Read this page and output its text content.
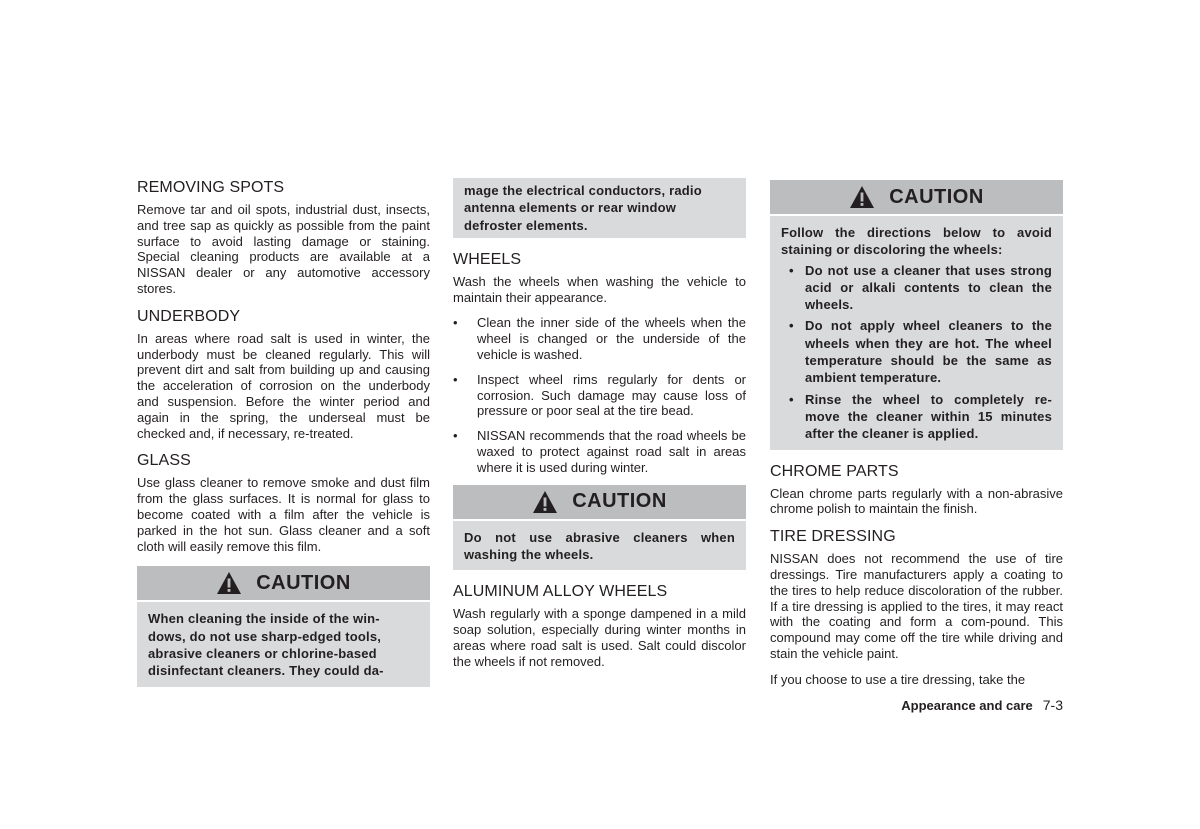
REMOVING SPOTS

Remove tar and oil spots, industrial dust, insects, and tree sap as quickly as possible from the paint surface to avoid lasting damage or staining. Special cleaning products are available at a NISSAN dealer or any automotive accessory stores.

UNDERBODY

In areas where road salt is used in winter, the underbody must be cleaned regularly. This will prevent dirt and salt from building up and causing the acceleration of corrosion on the underbody and suspension. Before the winter period and again in the spring, the underseal must be checked and, if necessary, re-treated.

GLASS

Use glass cleaner to remove smoke and dust film from the glass surfaces. It is normal for glass to become coated with a film after the vehicle is parked in the hot sun. Glass cleaner and a soft cloth will easily remove this film.

CAUTION
When cleaning the inside of the win-
dows, do not use sharp-edged tools,
abrasive cleaners or chlorine-based
disinfectant cleaners. They could da-
mage the electrical conductors, radio
antenna elements or rear window
defroster elements.
WHEELS

Wash the wheels when washing the vehicle to maintain their appearance.

•	Clean the inner side of the wheels when the wheel is changed or the underside of the vehicle is washed.
•	Inspect wheel rims regularly for dents or corrosion. Such damage may cause loss of pressure or poor seal at the tire bead.
•	NISSAN recommends that the road wheels be waxed to protect against road salt in areas where it is used during winter.
CAUTION
Do not use abrasive cleaners when washing the wheels.
ALUMINUM ALLOY WHEELS

Wash regularly with a sponge dampened in a mild soap solution, especially during winter months in areas where road salt is used. Salt could discolor the wheels if not removed.

CAUTION

Follow the directions below to avoid staining or discoloring the wheels:

• Do not use a cleaner that uses strong acid or alkali contents to clean the wheels.
• Do not apply wheel cleaners to the wheels when they are hot. The wheel temperature should be the same as ambient temperature.
• Rinse the wheel to completely re-move the cleaner within 15 minutes after the cleaner is applied.
CHROME PARTS

Clean chrome parts regularly with a non-abrasive chrome polish to maintain the finish.

TIRE DRESSING

NISSAN does not recommend the use of tire dressings. Tire manufacturers apply a coating to the tires to help reduce discoloration of the rubber. If a tire dressing is applied to the tires, it may react with the coating and form a com-pound. This compound may come off the tire while driving and stain the vehicle paint.

If you choose to use a tire dressing, take the

Appearance and care 7-3
